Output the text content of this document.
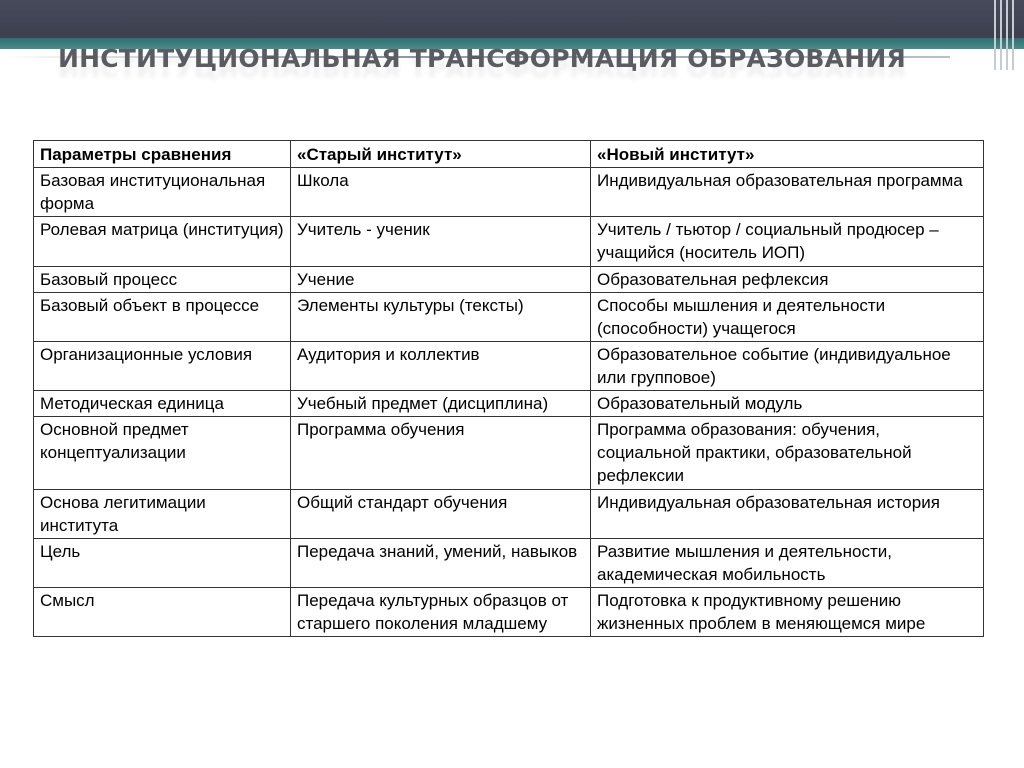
ИНСТИТУЦИОНАЛЬНАЯ ТРАНСФОРМАЦИЯ ОБРАЗОВАНИЯ
Параметры сравнения	«Старый институт»	«Новый институт»
Базовая институциональная форма	Школа	Индивидуальная образовательная программа
Ролевая матрица (институция)	Учитель - ученик	Учитель / тьютор / социальный продюсер – учащийся (носитель ИОП)
Базовый процесс	Учение	Образовательная рефлексия
Базовый объект в процессе	Элементы культуры (тексты)	Способы мышления и деятельности (способности) учащегося
Организационные условия	Аудитория и коллектив	Образовательное событие (индивидуальное или групповое)
Методическая единица	Учебный предмет (дисциплина)	Образовательный модуль
Основной предмет концептуализации	Программа обучения	Программа образования: обучения, социальной практики, образовательной рефлексии
Основа легитимации института	Общий стандарт обучения	Индивидуальная образовательная история
Цель	Передача знаний, умений, навыков	Развитие мышления и деятельности, академическая мобильность
Смысл	Передача культурных образцов от старшего поколения младшему	Подготовка к продуктивному решению жизненных проблем в меняющемся мире
